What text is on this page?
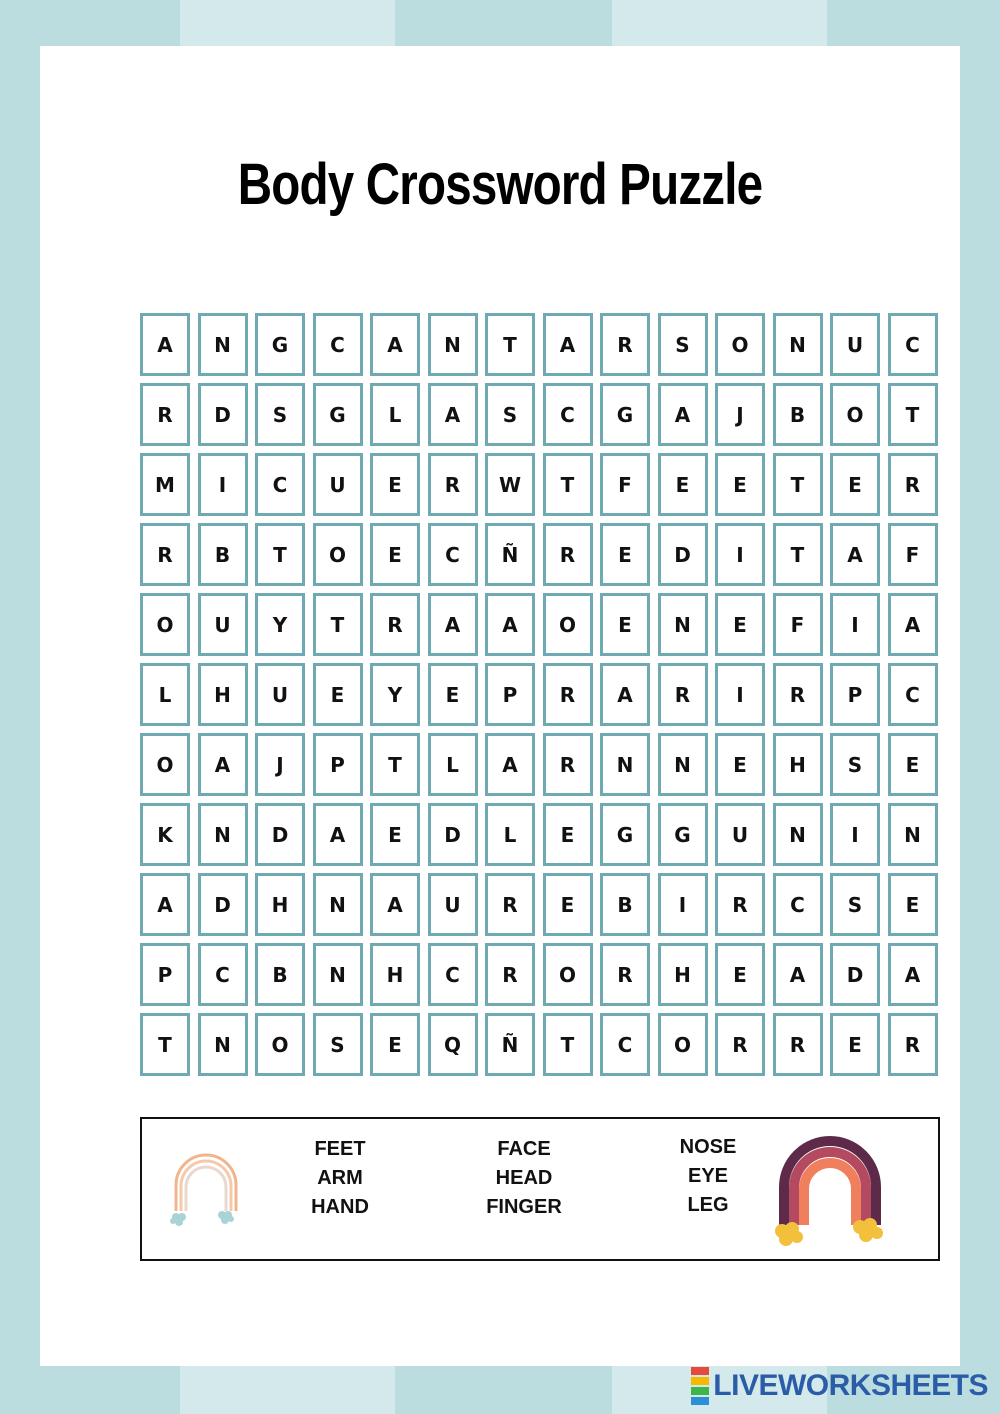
Body Crossword Puzzle
A	N	G	C	A	N	T	A	R	S	O	N	U	C
R	D	S	G	L	A	S	C	G	A	J	B	O	T
M	I	C	U	E	R	W	T	F	E	E	T	E	R
R	B	T	O	E	C	Ñ	R	E	D	I	T	A	F
O	U	Y	T	R	A	A	O	E	N	E	F	I	A
L	H	U	E	Y	E	P	R	A	R	I	R	P	C
O	A	J	P	T	L	A	R	N	N	E	H	S	E
K	N	D	A	E	D	L	E	G	G	U	N	I	N
A	D	H	N	A	U	R	E	B	I	R	C	S	E
P	C	B	N	H	C	R	O	R	H	E	A	D	A
T	N	O	S	E	Q	Ñ	T	C	O	R	R	E	R
FEET
ARM
HAND
FACE
HEAD
FINGER
NOSE
EYE
LEG
LIVEWORKSHEETS
